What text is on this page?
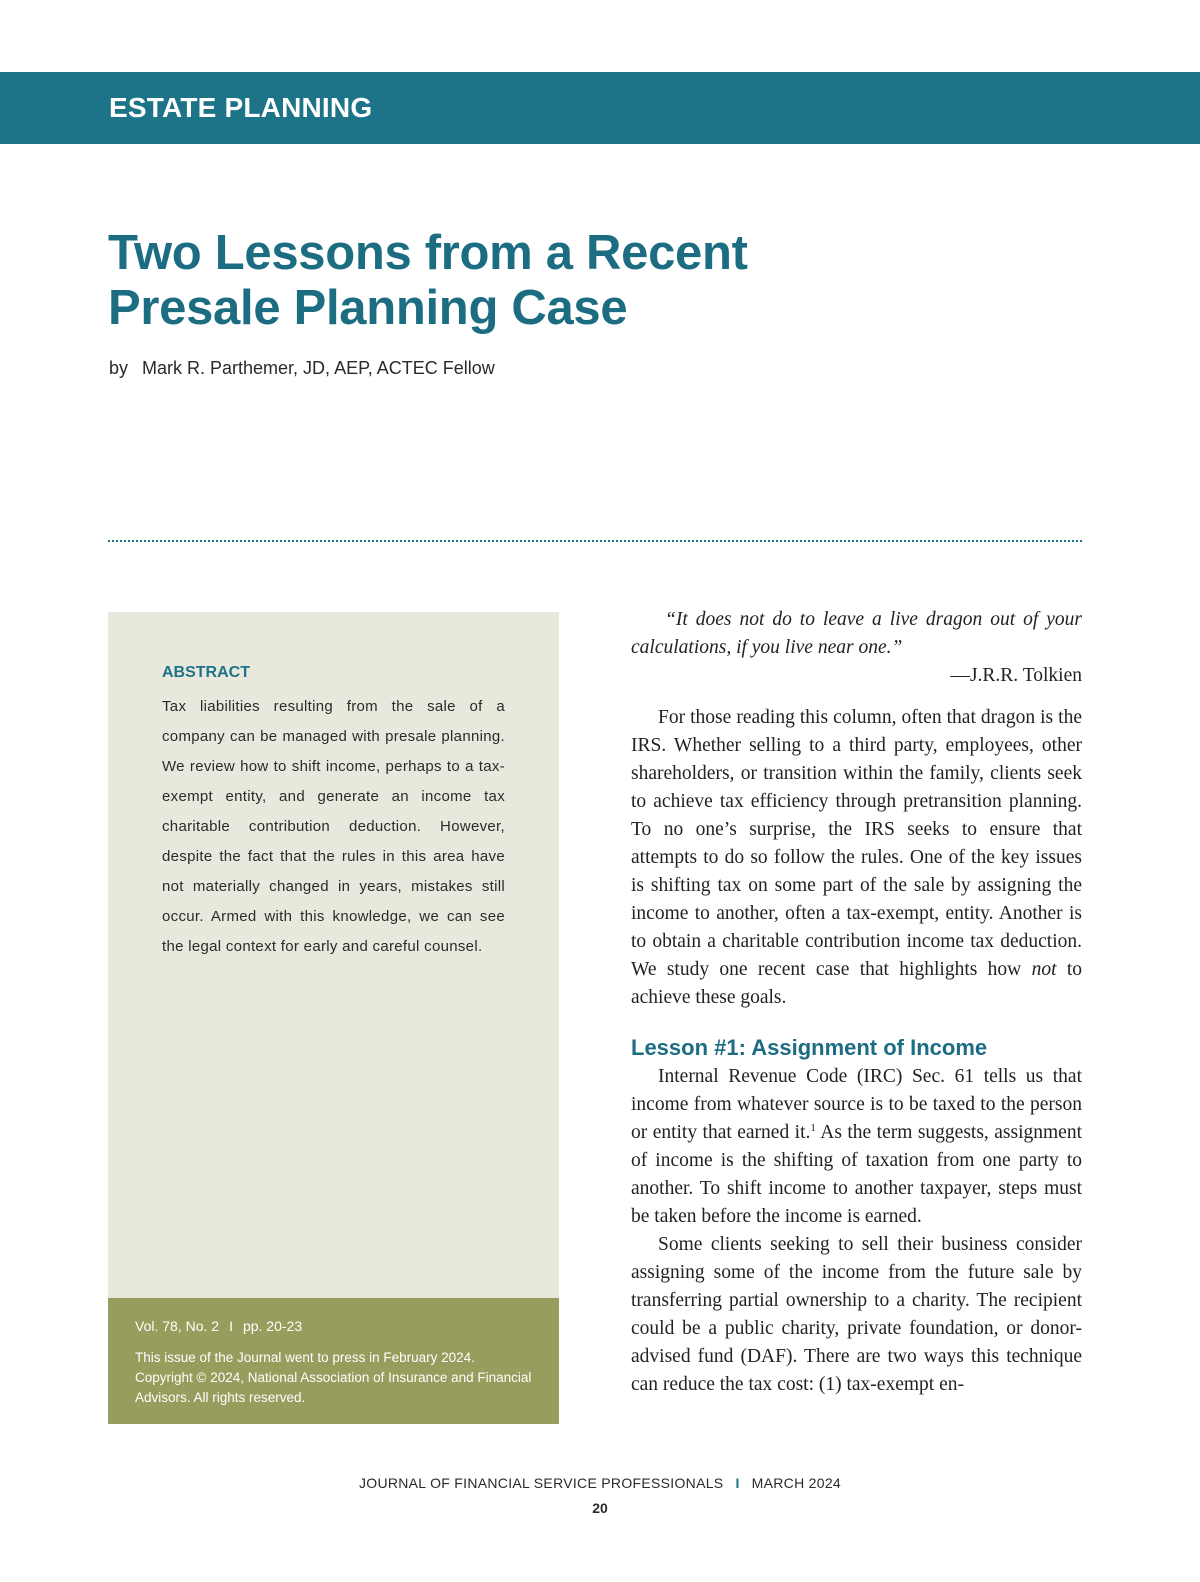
ESTATE PLANNING
Two Lessons from a Recent
Presale Planning Case
by Mark R. Parthemer, JD, AEP, ACTEC Fellow
ABSTRACT

Tax liabilities resulting from the sale of a company can be managed with presale planning. We review how to shift income, perhaps to a tax-exempt entity, and generate an income tax charitable contribution deduction. However, despite the fact that the rules in this area have not materially changed in years, mistakes still occur. Armed with this knowledge, we can see the legal context for early and careful counsel.

Vol. 78, No. 2 I pp. 20-23

This issue of the Journal went to press in February 2024. Copyright © 2024, National Association of Insurance and Financial Advisors. All rights reserved.

“It does not do to leave a live dragon out of your calculations, if you live near one.”

—J.R.R. Tolkien

For those reading this column, often that dragon is the IRS. Whether selling to a third party, employees, other shareholders, or transition within the family, clients seek to achieve tax efficiency through pretransition planning. To no one’s surprise, the IRS seeks to ensure that attempts to do so follow the rules. One of the key issues is shifting tax on some part of the sale by assigning the income to another, often a tax-exempt, entity. Another is to obtain a charitable contribution income tax deduction. We study one recent case that highlights how not to achieve these goals.

Lesson #1: Assignment of Income

Internal Revenue Code (IRC) Sec. 61 tells us that income from whatever source is to be taxed to the person or entity that earned it.$^1$ As the term suggests, assignment of income is the shifting of taxation from one party to another. To shift income to another taxpayer, steps must be taken before the income is earned.

Some clients seeking to sell their business consider assigning some of the income from the future sale by transferring partial ownership to a charity. The recipient could be a public charity, private foundation, or donor-advised fund (DAF). There are two ways this technique can reduce the tax cost: (1) tax-exempt en-

JOURNAL OF FINANCIAL SERVICE PROFESSIONALS I MARCH 2024
20
